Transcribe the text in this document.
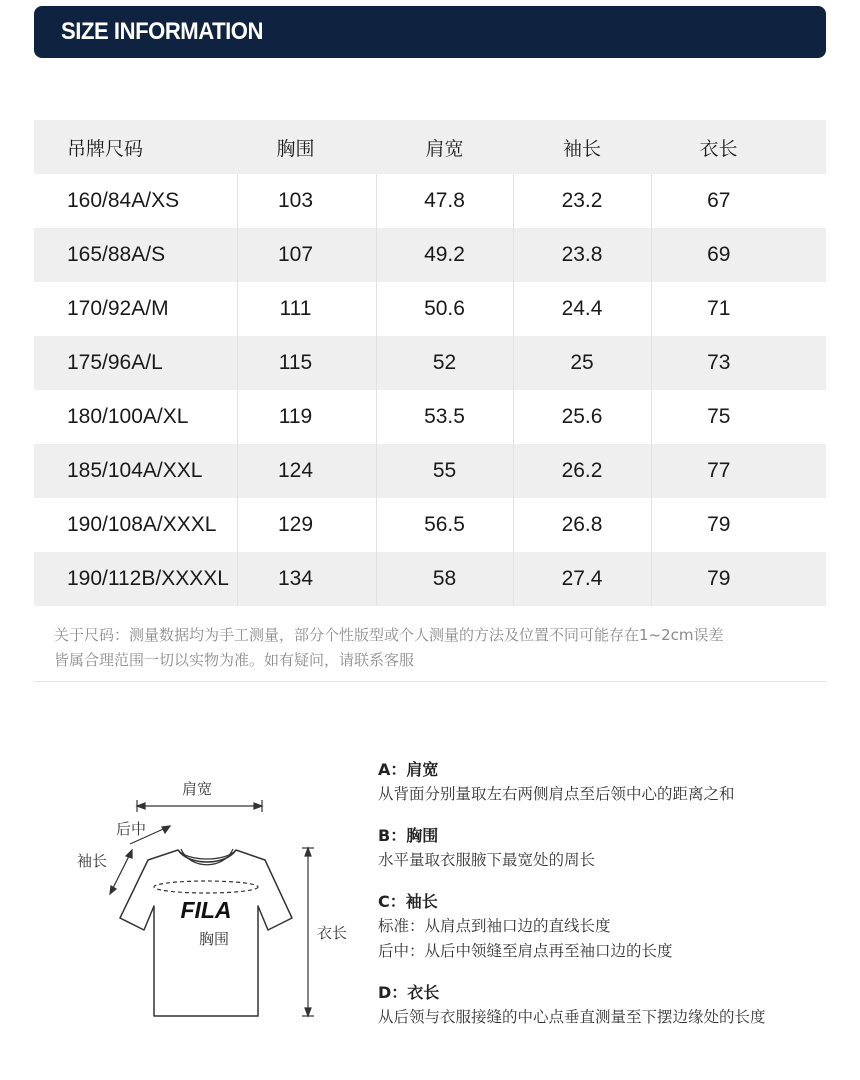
SIZE INFORMATION
吊牌尺码	胸围	肩宽	袖长	衣长
160/84A/XS	103	47.8	23.2	67
165/88A/S	107	49.2	23.8	69
170/92A/M	111	50.6	24.4	71
175/96A/L	115	52	25	73
180/100A/XL	119	53.5	25.6	75
185/104A/XXL	124	55	26.2	77
190/108A/XXXL	129	56.5	26.8	79
190/112B/XXXXL	134	58	27.4	79
关于尺码：测量数据均为手工测量，部分个性版型或个人测量的方法及位置不同可能存在1~2cm误差
皆属合理范围一切以实物为准。如有疑问，请联系客服
FILA
肩宽
后中
袖长
胸围	衣长
A：肩宽
从背面分别量取左右两侧肩点至后领中心的距离之和
B：胸围
水平量取衣服腋下最宽处的周长
C：袖长
标准：从肩点到袖口边的直线长度
后中：从后中领缝至肩点再至袖口边的长度
D：衣长
从后领与衣服接缝的中心点垂直测量至下摆边缘处的长度
